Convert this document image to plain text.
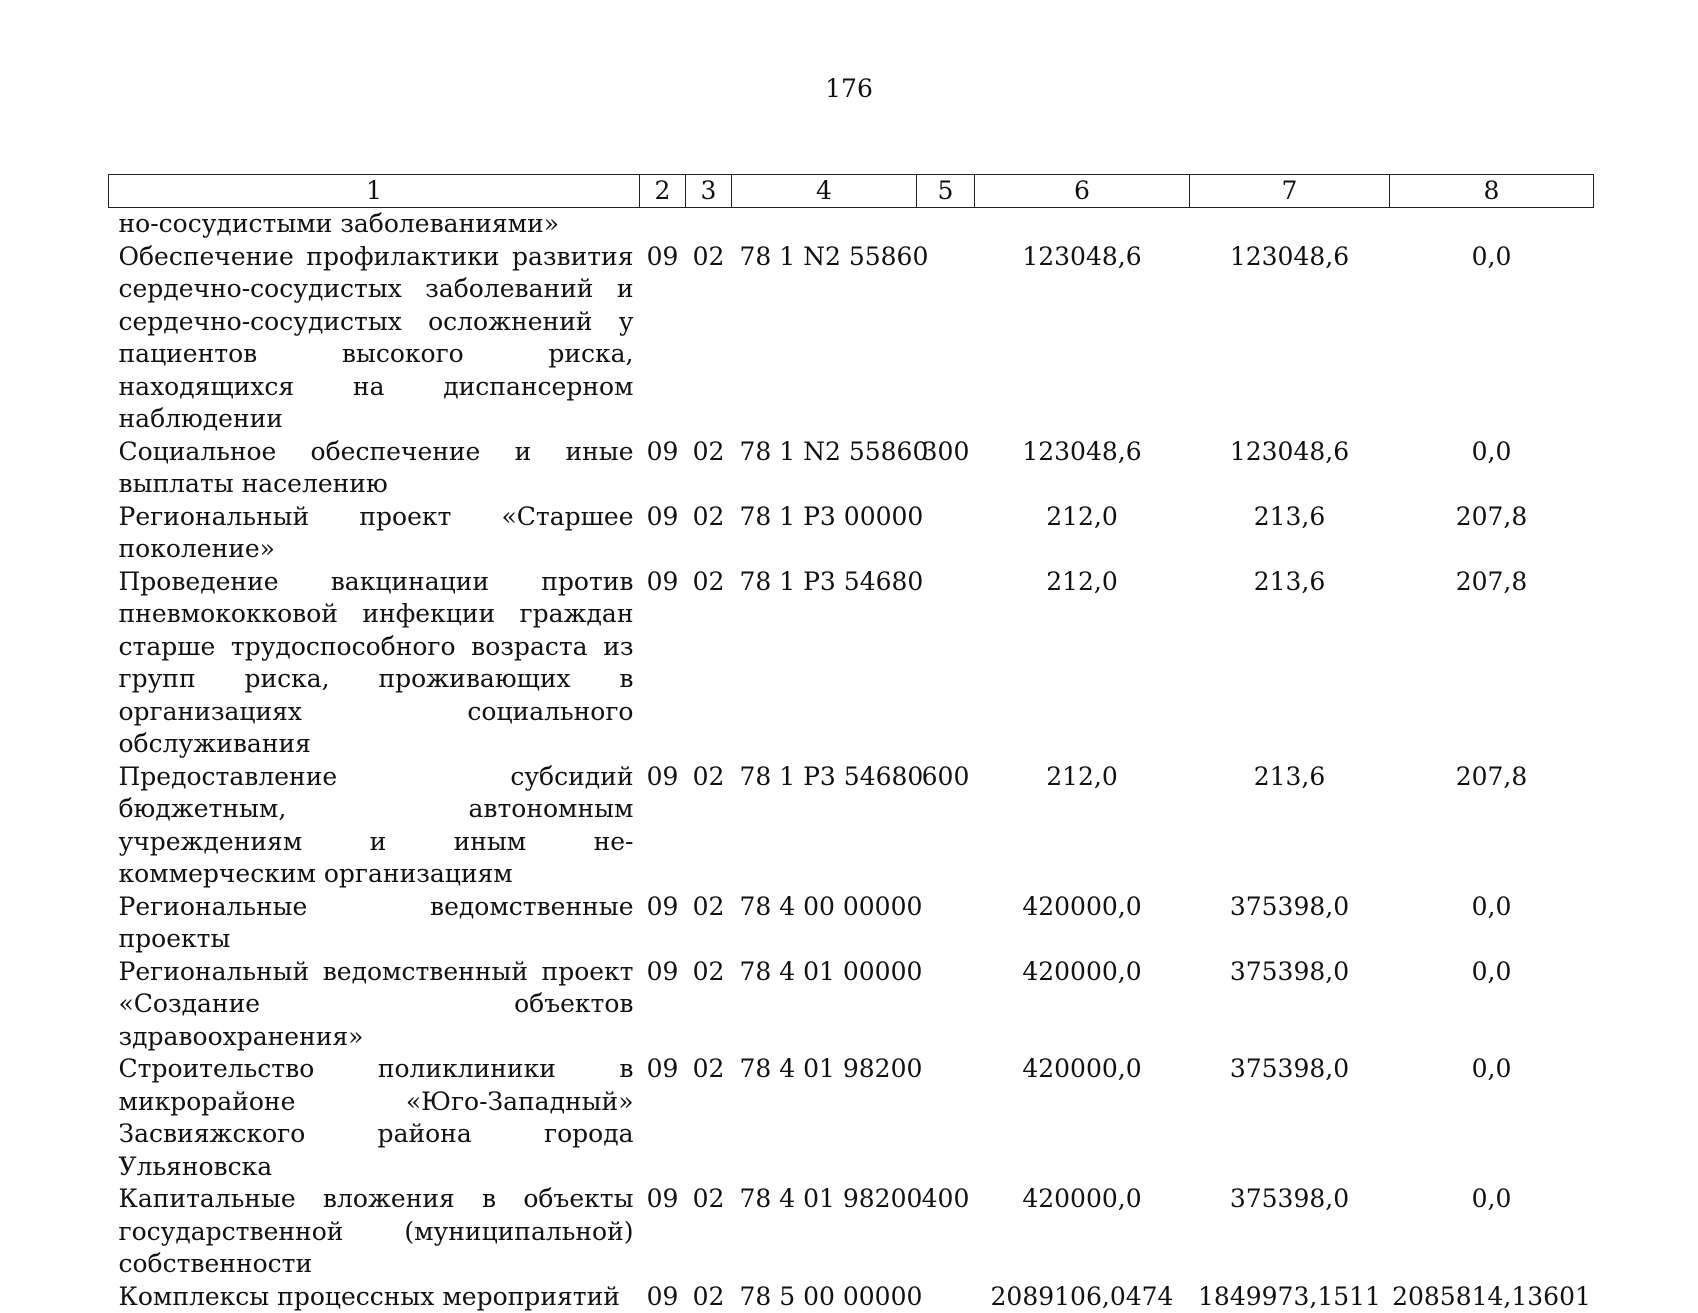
176
1	2	3	4	5	6	7	8
но-сосудистыми заболеваниями»							
Обеспечение профилактики развития сердечно-сосудистых заболеваний и сердечно-сосудистых осложнений у пациентов высокого риска, находящихся на диспансерном наблюдении	09	02	78 1 N2 55860		123048,6	123048,6	0,0
Социальное обеспечение и иные выплаты населению	09	02	78 1 N2 55860	300	123048,6	123048,6	0,0
Региональный проект «Старшее поколение»	09	02	78 1 P3 00000		212,0	213,6	207,8
Проведение вакцинации против пневмококковой инфекции граждан старше трудоспособного возраста из групп риска, проживающих в организациях социального обслуживания	09	02	78 1 P3 54680		212,0	213,6	207,8
Предоставление субсидий бюджетным, автономным учреждениям и иным некоммерческим организациям	09	02	78 1 P3 54680	600	212,0	213,6	207,8
Региональные ведомственные проекты	09	02	78 4 00 00000		420000,0	375398,0	0,0
Региональный ведомственный проект «Создание объектов здравоохранения»	09	02	78 4 01 00000		420000,0	375398,0	0,0
Строительство поликлиники в микрорайоне «Юго-Западный» Засвияжского района города Ульяновска	09	02	78 4 01 98200		420000,0	375398,0	0,0
Капитальные вложения в объекты государственной (муниципальной) собственности	09	02	78 4 01 98200	400	420000,0	375398,0	0,0
Комплексы процессных мероприятий	09	02	78 5 00 00000		2089106,0474	1849973,1511	2085814,13601
